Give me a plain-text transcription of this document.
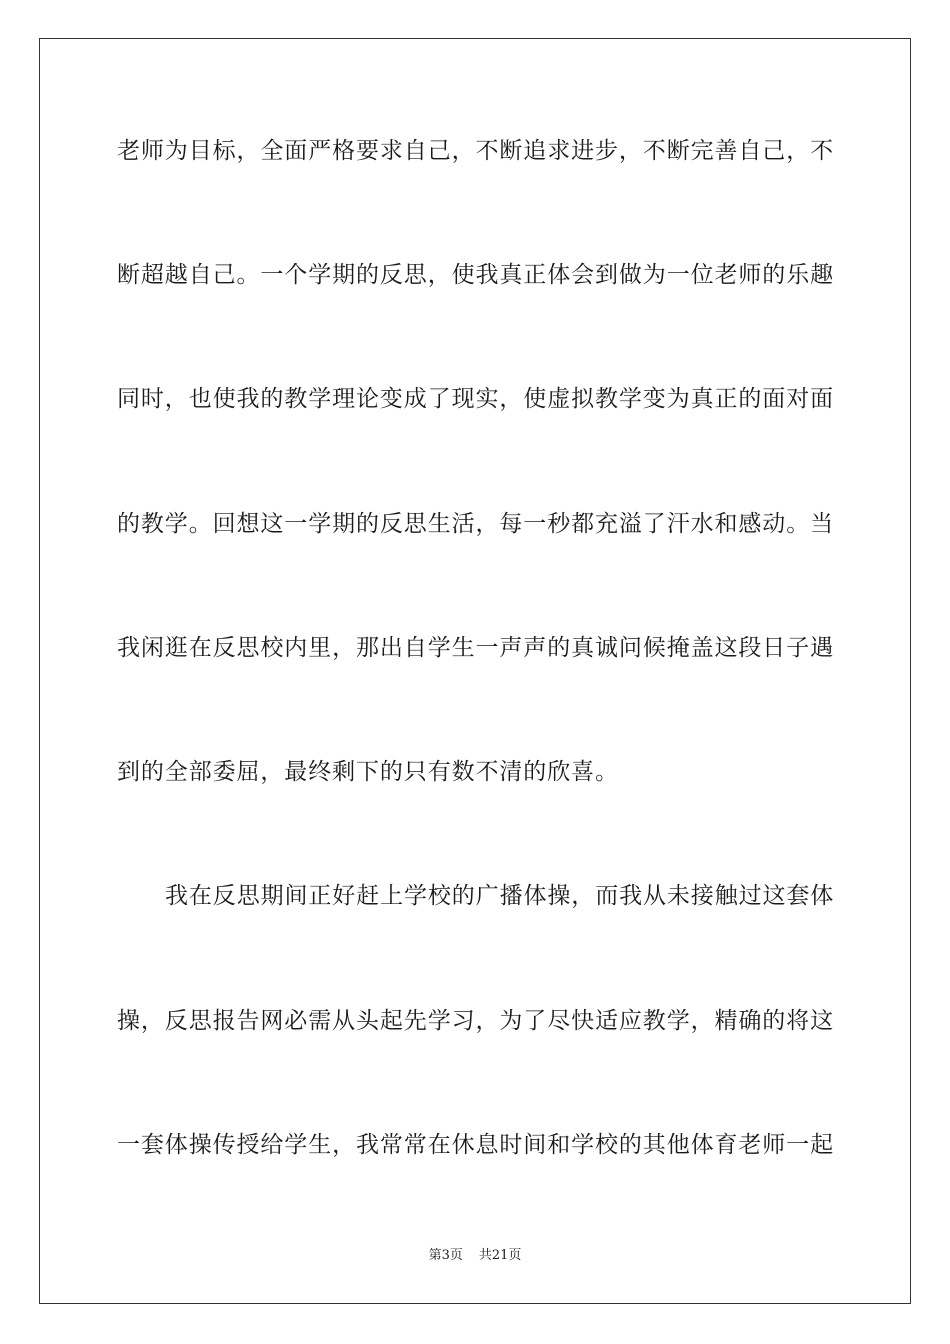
老师为目标，全面严格要求自己，不断追求进步，不断完善自己，不
断超越自己。一个学期的反思，使我真正体会到做为一位老师的乐趣
同时，也使我的教学理论变成了现实，使虚拟教学变为真正的面对面
的教学。回想这一学期的反思生活，每一秒都充溢了汗水和感动。当
我闲逛在反思校内里，那出自学生一声声的真诚问候掩盖这段日子遇
到的全部委屈，最终剩下的只有数不清的欣喜。
我在反思期间正好赶上学校的广播体操，而我从未接触过这套体
操，反思报告网必需从头起先学习，为了尽快适应教学，精确的将这
一套体操传授给学生，我常常在休息时间和学校的其他体育老师一起
第3页 共21页
